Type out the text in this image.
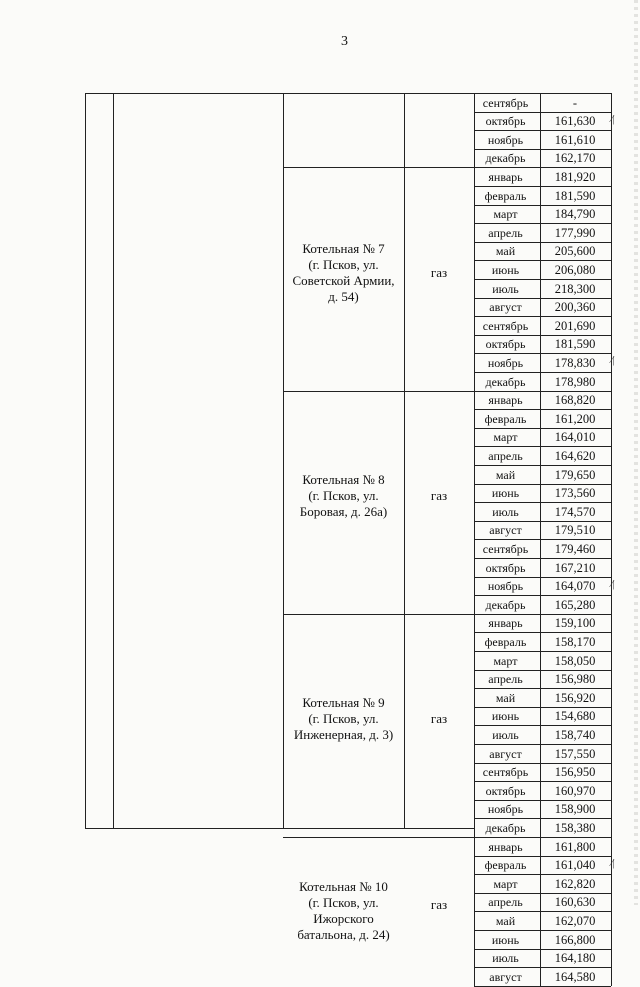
3
сентябрь	-
октябрь	161,630
ноябрь	161,610
декабрь	162,170
Котельная № 7
(г. Псков, ул.
Советской Армии,
д. 54)
газ
январь	181,920
февраль	181,590
март	184,790
апрель	177,990
май	205,600
июнь	206,080
июль	218,300
август	200,360
сентябрь	201,690
октябрь	181,590
ноябрь	178,830
декабрь	178,980
Котельная № 8
(г. Псков, ул.
Боровая, д. 26а)
газ
январь	168,820
февраль	161,200
март	164,010
апрель	164,620
май	179,650
июнь	173,560
июль	174,570
август	179,510
сентябрь	179,460
октябрь	167,210
ноябрь	164,070
декабрь	165,280
Котельная № 9
(г. Псков, ул.
Инженерная, д. 3)
газ
январь	159,100
февраль	158,170
март	158,050
апрель	156,980
май	156,920
июнь	154,680
июль	158,740
август	157,550
сентябрь	156,950
октябрь	160,970
ноябрь	158,900
декабрь	158,380
Котельная № 10
(г. Псков, ул.
Ижорского
батальона, д. 24)
газ
январь	161,800
февраль	161,040
март	162,820
апрель	160,630
май	162,070
июнь	166,800
июль	164,180
август	164,580
⁄|
⁄|
⁄|
⁄|
